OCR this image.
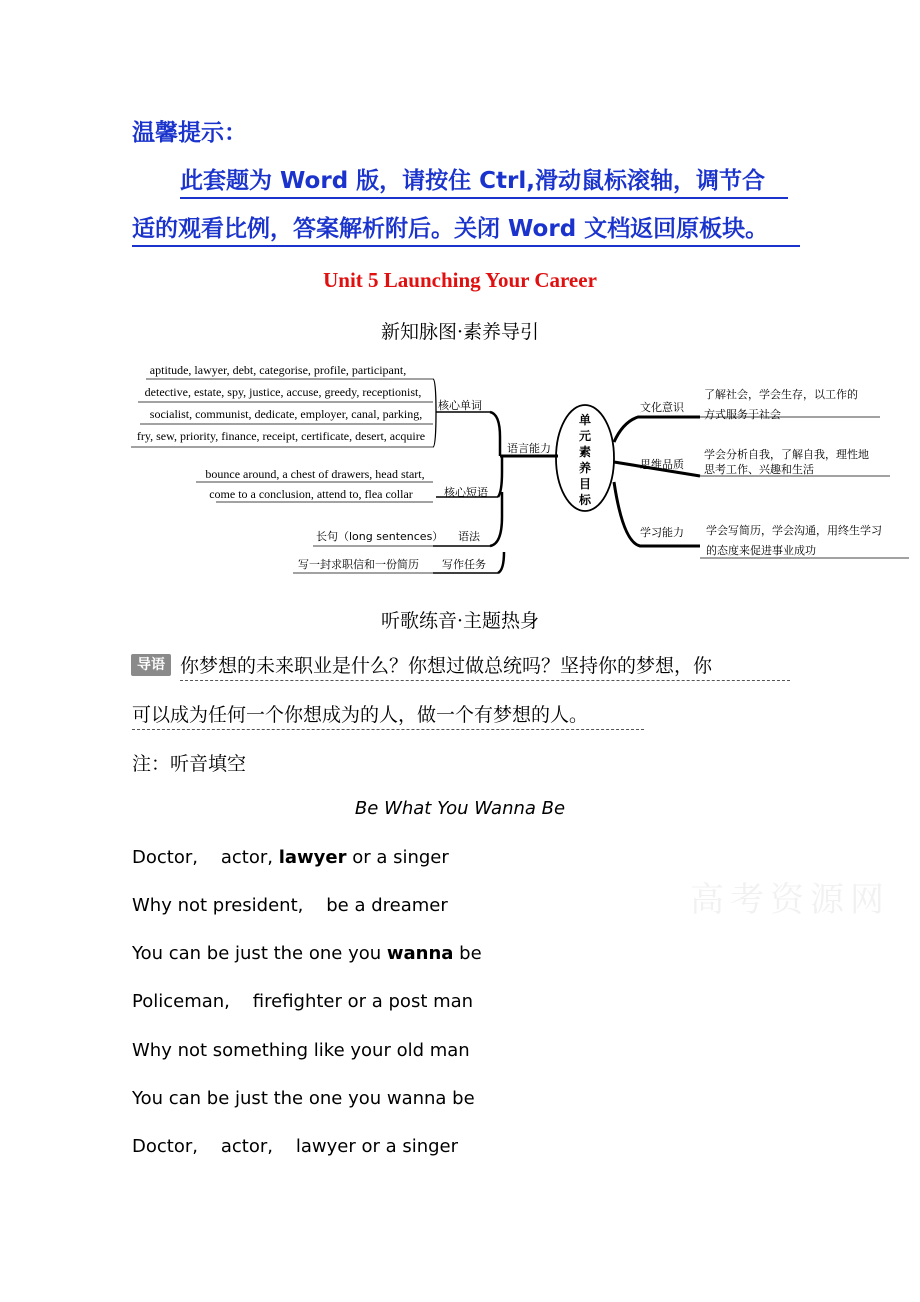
温馨提示：
此套题为 Word 版，请按住 Ctrl,滑动鼠标滚轴，调节合
适的观看比例，答案解析附后。关闭 Word 文档返回原板块。
Unit 5 Launching Your Career
新知脉图·素养导引
aptitude, lawyer, debt, categorise, profile, participant,
detective, estate, spy, justice, accuse, greedy, receptionist,
socialist, communist, dedicate, employer, canal, parking,
fry, sew, priority, finance, receipt, certificate, desert, acquire
核心单词
bounce around, a chest of drawers, head start,
come to a conclusion, attend to, flea collar	核心短语
长句（long sentences） 语法
写一封求职信和一份简历 写作任务
语言能力
单
元
素
养
目
标
文化意识
了解社会，学会生存，以工作的
方式服务于社会
思维品质
学会分析自我，了解自我，理性地
思考工作、兴趣和生活
学习能力 学会写简历，学会沟通，用终生学习
的态度来促进事业成功
听歌练音·主题热身
导语 你梦想的未来职业是什么？你想过做总统吗？坚持你的梦想，你
可以成为任何一个你想成为的人，做一个有梦想的人。
注：听音填空
高考资源网
Be What You Wanna Be
Doctor,    actor, lawyer or a singer
Why not president,    be a dreamer
You can be just the one you wanna be
Policeman,    firefighter or a post man
Why not something like your old man
You can be just the one you wanna be
Doctor,    actor,    lawyer or a singer
